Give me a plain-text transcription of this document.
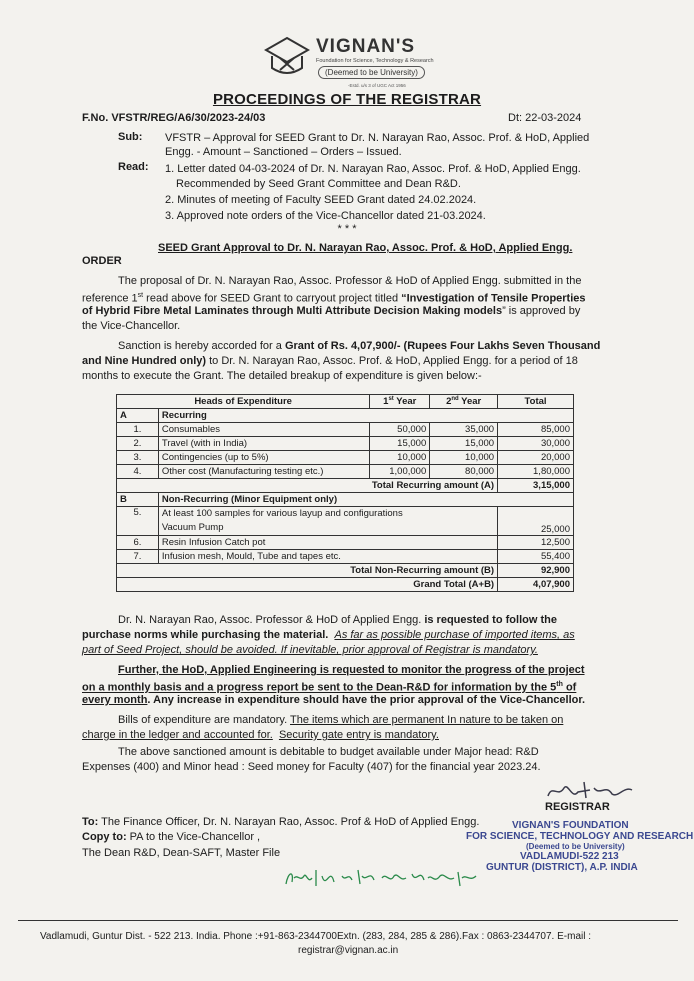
VIGNAN'S
Foundation for Science, Technology & Research
(Deemed to be University)
-Estd. u/s 3 of UGC Act 1956
PROCEEDINGS OF THE REGISTRAR
F.No. VFSTR/REG/A6/30/2023-24/03	Dt: 22-03-2024
Sub: VFSTR – Approval for SEED Grant to Dr. N. Narayan Rao, Assoc. Prof. & HoD, Applied
Engg. - Amount – Sanctioned – Orders – Issued.
Read: 1. Letter dated 04-03-2024 of Dr. N. Narayan Rao, Assoc. Prof. & HoD, Applied Engg.
Recommended by Seed Grant Committee and Dean R&D.
2. Minutes of meeting of Faculty SEED Grant dated 24.02.2024.
3. Approved note orders of the Vice-Chancellor dated 21-03.2024.
* * *
SEED Grant Approval to Dr. N. Narayan Rao, Assoc. Prof. & HoD, Applied Engg.
ORDER
The proposal of Dr. N. Narayan Rao, Assoc. Professor & HoD of Applied Engg. submitted in the
reference 1st read above for SEED Grant to carryout project titled “Investigation of Tensile Properties
of Hybrid Fibre Metal Laminates through Multi Attribute Decision Making models” is approved by
the Vice-Chancellor.
Sanction is hereby accorded for a Grant of Rs. 4,07,900/- (Rupees Four Lakhs Seven Thousand
and Nine Hundred only) to Dr. N. Narayan Rao, Assoc. Prof. & HoD, Applied Engg. for a period of 18
months to execute the Grant. The detailed breakup of expenditure is given below:-
Heads of Expenditure		1st Year	2nd Year	Total
A	Recurring			
1.	Consumables	50,000	35,000	85,000
2.	Travel (with in India)	15,000	15,000	30,000
3.	Contingencies (up to 5%)	10,000	10,000	20,000
4.	Other cost (Manufacturing testing etc.)	1,00,000	80,000	1,80,000
Total Recurring amount (A)				3,15,000
B	Non-Recurring (Minor Equipment only)			
5.	At least 100 samples for various layup and configurations
Vacuum Pump			25,000
6.	Resin Infusion Catch pot			12,500
7.	Infusion mesh, Mould, Tube and tapes etc.			55,400
Total Non-Recurring amount (B)				92,900
Grand Total (A+B)				4,07,900
Dr. N. Narayan Rao, Assoc. Professor & HoD of Applied Engg. is requested to follow the
purchase norms while purchasing the material. As far as possible purchase of imported items, as
part of Seed Project, should be avoided. If inevitable, prior approval of Registrar is mandatory.
Further, the HoD, Applied Engineering is requested to monitor the progress of the project
on a monthly basis and a progress report be sent to the Dean-R&D for information by the 5th of
every month. Any increase in expenditure should have the prior approval of the Vice-Chancellor.
Bills of expenditure are mandatory. The items which are permanent In nature to be taken on
charge in the ledger and accounted for. Security gate entry is mandatory.
The above sanctioned amount is debitable to budget available under Major head: R&D
Expenses (400) and Minor head : Seed money for Faculty (407) for the financial year 2023.24.
REGISTRAR
To: The Finance Officer, Dr. N. Narayan Rao, Assoc. Prof & HoD of Applied Engg.
Copy to: PA to the Vice-Chancellor ,
The Dean R&D, Dean-SAFT, Master File
VIGNAN'S FOUNDATION
FOR SCIENCE, TECHNOLOGY AND RESEARCH
(Deemed to be University)
VADLAMUDI-522 213
GUNTUR (DISTRICT), A.P. INDIA
Vadlamudi, Guntur Dist. - 522 213. India. Phone :+91-863-2344700Extn. (283, 284, 285 & 286).Fax : 0863-2344707. E-mail :
registrar@vignan.ac.in
